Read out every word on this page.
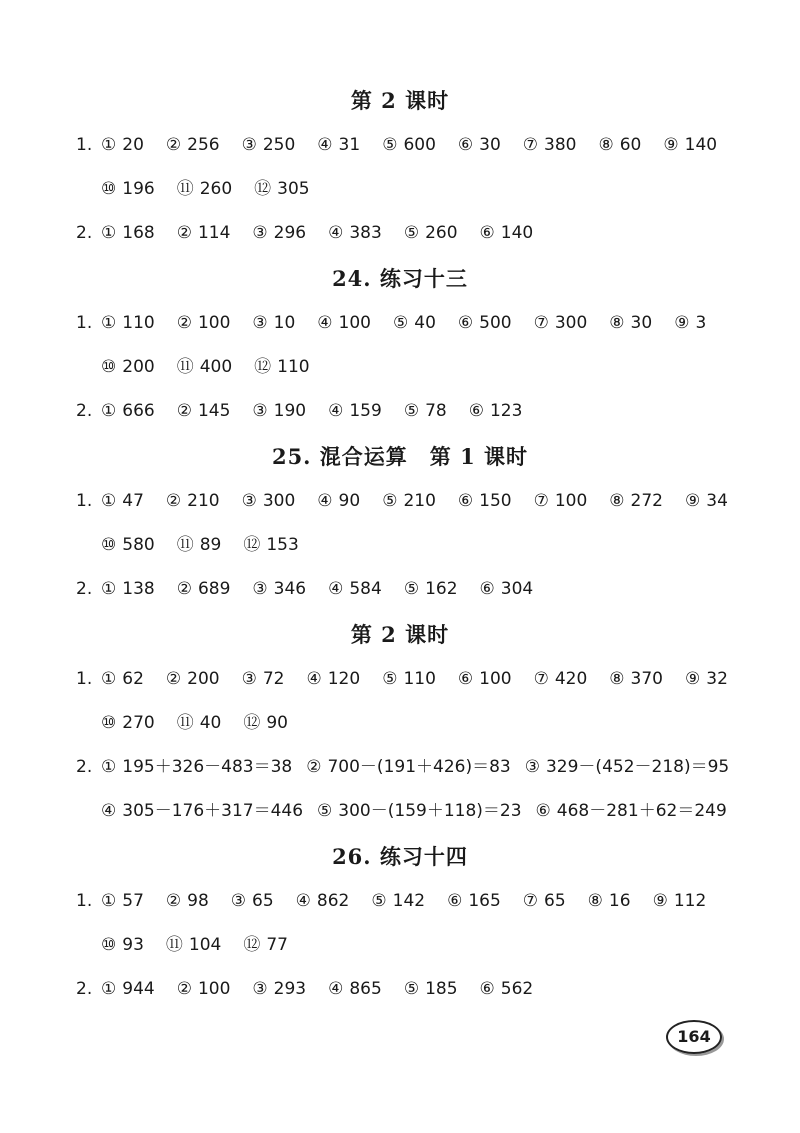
第 2 课时
1. ① 20 ② 256 ③ 250 ④ 31 ⑤ 600 ⑥ 30 ⑦ 380 ⑧ 60 ⑨ 140
⑩ 196 ⑪ 260 ⑫ 305
2. ① 168 ② 114 ③ 296 ④ 383 ⑤ 260 ⑥ 140
24. 练习十三
1. ① 110 ② 100 ③ 10 ④ 100 ⑤ 40 ⑥ 500 ⑦ 300 ⑧ 30 ⑨ 3
⑩ 200 ⑪ 400 ⑫ 110
2. ① 666 ② 145 ③ 190 ④ 159 ⑤ 78 ⑥ 123
25. 混合运算　第 1 课时
1. ① 47 ② 210 ③ 300 ④ 90 ⑤ 210 ⑥ 150 ⑦ 100 ⑧ 272 ⑨ 34
⑩ 580 ⑪ 89 ⑫ 153
2. ① 138 ② 689 ③ 346 ④ 584 ⑤ 162 ⑥ 304
第 2 课时
1. ① 62 ② 200 ③ 72 ④ 120 ⑤ 110 ⑥ 100 ⑦ 420 ⑧ 370 ⑨ 32
⑩ 270 ⑪ 40 ⑫ 90
2. ① 195＋326－483＝38 ② 700－(191＋426)＝83 ③ 329－(452－218)＝95
④ 305－176＋317＝446 ⑤ 300－(159＋118)＝23 ⑥ 468－281＋62＝249
26. 练习十四
1. ① 57 ② 98 ③ 65 ④ 862 ⑤ 142 ⑥ 165 ⑦ 65 ⑧ 16 ⑨ 112
⑩ 93 ⑪ 104 ⑫ 77
2. ① 944 ② 100 ③ 293 ④ 865 ⑤ 185 ⑥ 562
164
